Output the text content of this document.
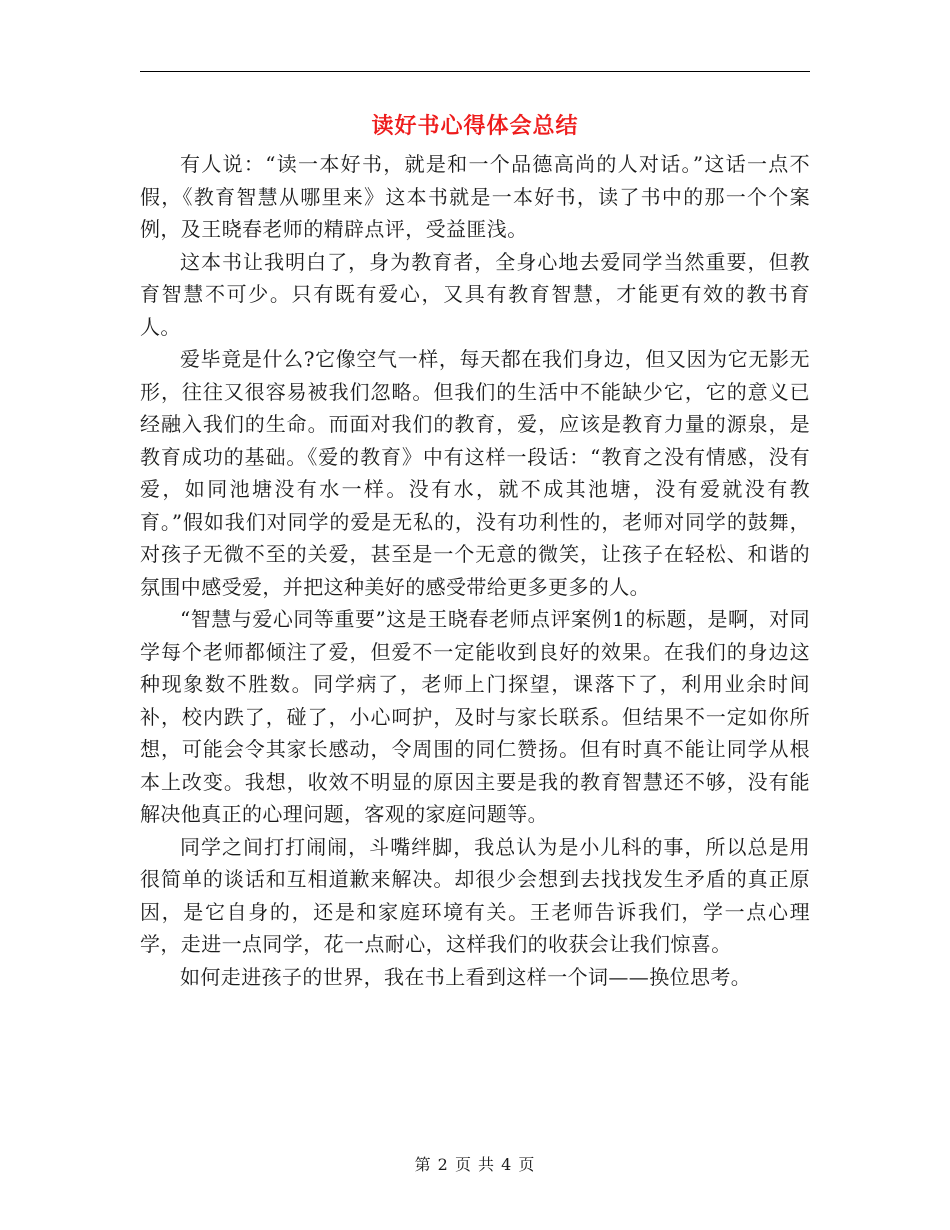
读好书心得体会总结

有人说：“读一本好书，就是和一个品德高尚的人对话。”这话一点不假，《教育智慧从哪里来》这本书就是一本好书，读了书中的那一个个案例，及王晓春老师的精辟点评，受益匪浅。

这本书让我明白了，身为教育者，全身心地去爱同学当然重要，但教育智慧不可少。只有既有爱心，又具有教育智慧，才能更有效的教书育人。

爱毕竟是什么?它像空气一样，每天都在我们身边，但又因为它无影无形，往往又很容易被我们忽略。但我们的生活中不能缺少它，它的意义已经融入我们的生命。而面对我们的教育，爱，应该是教育力量的源泉，是教育成功的基础。《爱的教育》中有这样一段话：“教育之没有情感，没有爱，如同池塘没有水一样。没有水，就不成其池塘，没有爱就没有教育。”假如我们对同学的爱是无私的，没有功利性的，老师对同学的鼓舞，对孩子无微不至的关爱，甚至是一个无意的微笑，让孩子在轻松、和谐的氛围中感受爱，并把这种美好的感受带给更多更多的人。

“智慧与爱心同等重要”这是王晓春老师点评案例1的标题，是啊，对同学每个老师都倾注了爱，但爱不一定能收到良好的效果。在我们的身边这种现象数不胜数。同学病了，老师上门探望，课落下了，利用业余时间补，校内跌了，碰了，小心呵护，及时与家长联系。但结果不一定如你所想，可能会令其家长感动，令周围的同仁赞扬。但有时真不能让同学从根本上改变。我想，收效不明显的原因主要是我的教育智慧还不够，没有能解决他真正的心理问题，客观的家庭问题等。

同学之间打打闹闹，斗嘴绊脚，我总认为是小儿科的事，所以总是用很简单的谈话和互相道歉来解决。却很少会想到去找找发生矛盾的真正原因，是它自身的，还是和家庭环境有关。王老师告诉我们，学一点心理学，走进一点同学，花一点耐心，这样我们的收获会让我们惊喜。

如何走进孩子的世界，我在书上看到这样一个词——换位思考。

第 2 页 共 4 页
